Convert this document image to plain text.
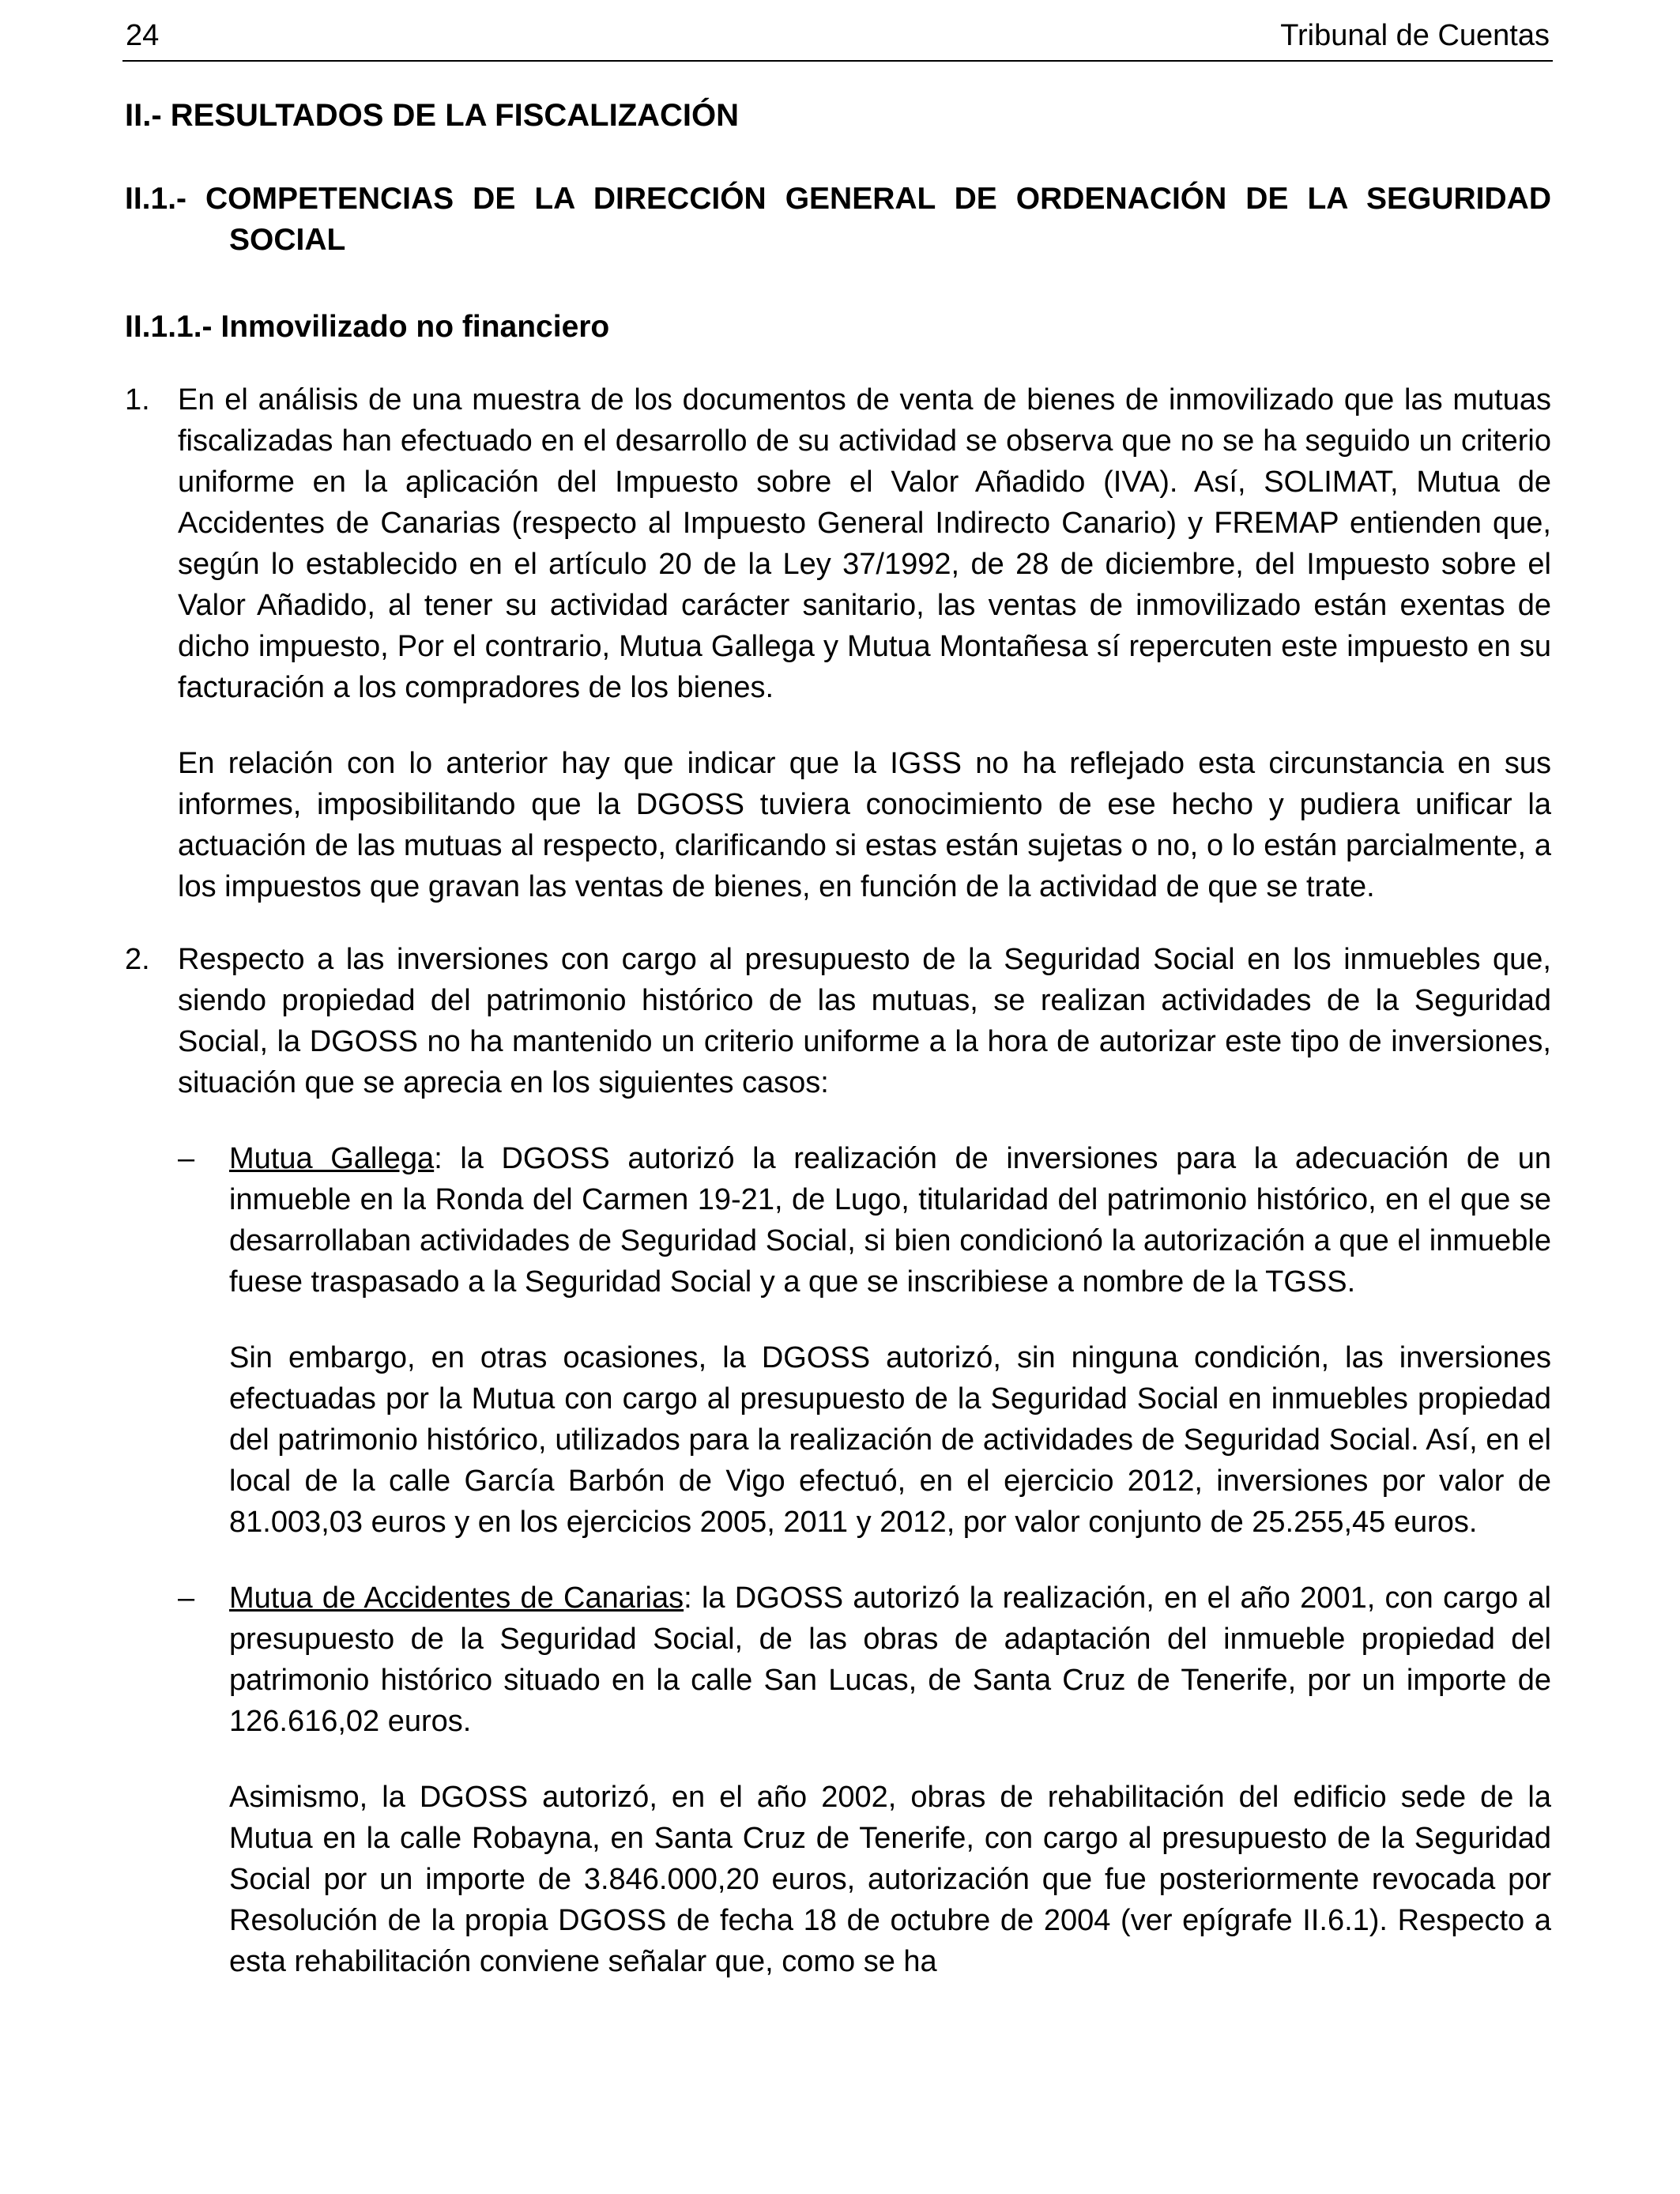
24	Tribunal de Cuentas
II.- RESULTADOS DE LA FISCALIZACIÓN
II.1.- COMPETENCIAS DE LA DIRECCIÓN GENERAL DE ORDENACIÓN DE LA SEGURIDAD SOCIAL
II.1.1.- Inmovilizado no financiero
1. En el análisis de una muestra de los documentos de venta de bienes de inmovilizado que las mutuas fiscalizadas han efectuado en el desarrollo de su actividad se observa que no se ha seguido un criterio uniforme en la aplicación del Impuesto sobre el Valor Añadido (IVA). Así, SOLIMAT, Mutua de Accidentes de Canarias (respecto al Impuesto General Indirecto Canario) y FREMAP entienden que, según lo establecido en el artículo 20 de la Ley 37/1992, de 28 de diciembre, del Impuesto sobre el Valor Añadido, al tener su actividad carácter sanitario, las ventas de inmovilizado están exentas de dicho impuesto, Por el contrario, Mutua Gallega y Mutua Montañesa sí repercuten este impuesto en su facturación a los compradores de los bienes.

En relación con lo anterior hay que indicar que la IGSS no ha reflejado esta circunstancia en sus informes, imposibilitando que la DGOSS tuviera conocimiento de ese hecho y pudiera unificar la actuación de las mutuas al respecto, clarificando si estas están sujetas o no, o lo están parcialmente, a los impuestos que gravan las ventas de bienes, en función de la actividad de que se trate.

2. Respecto a las inversiones con cargo al presupuesto de la Seguridad Social en los inmuebles que, siendo propiedad del patrimonio histórico de las mutuas, se realizan actividades de la Seguridad Social, la DGOSS no ha mantenido un criterio uniforme a la hora de autorizar este tipo de inversiones, situación que se aprecia en los siguientes casos:

– Mutua Gallega: la DGOSS autorizó la realización de inversiones para la adecuación de un inmueble en la Ronda del Carmen 19-21, de Lugo, titularidad del patrimonio histórico, en el que se desarrollaban actividades de Seguridad Social, si bien condicionó la autorización a que el inmueble fuese traspasado a la Seguridad Social y a que se inscribiese a nombre de la TGSS.

Sin embargo, en otras ocasiones, la DGOSS autorizó, sin ninguna condición, las inversiones efectuadas por la Mutua con cargo al presupuesto de la Seguridad Social en inmuebles propiedad del patrimonio histórico, utilizados para la realización de actividades de Seguridad Social. Así, en el local de la calle García Barbón de Vigo efectuó, en el ejercicio 2012, inversiones por valor de 81.003,03 euros y en los ejercicios 2005, 2011 y 2012, por valor conjunto de 25.255,45 euros.

– Mutua de Accidentes de Canarias: la DGOSS autorizó la realización, en el año 2001, con cargo al presupuesto de la Seguridad Social, de las obras de adaptación del inmueble propiedad del patrimonio histórico situado en la calle San Lucas, de Santa Cruz de Tenerife, por un importe de 126.616,02 euros.

Asimismo, la DGOSS autorizó, en el año 2002, obras de rehabilitación del edificio sede de la Mutua en la calle Robayna, en Santa Cruz de Tenerife, con cargo al presupuesto de la Seguridad Social por un importe de 3.846.000,20 euros, autorización que fue posteriormente revocada por Resolución de la propia DGOSS de fecha 18 de octubre de 2004 (ver epígrafe II.6.1). Respecto a esta rehabilitación conviene señalar que, como se ha
